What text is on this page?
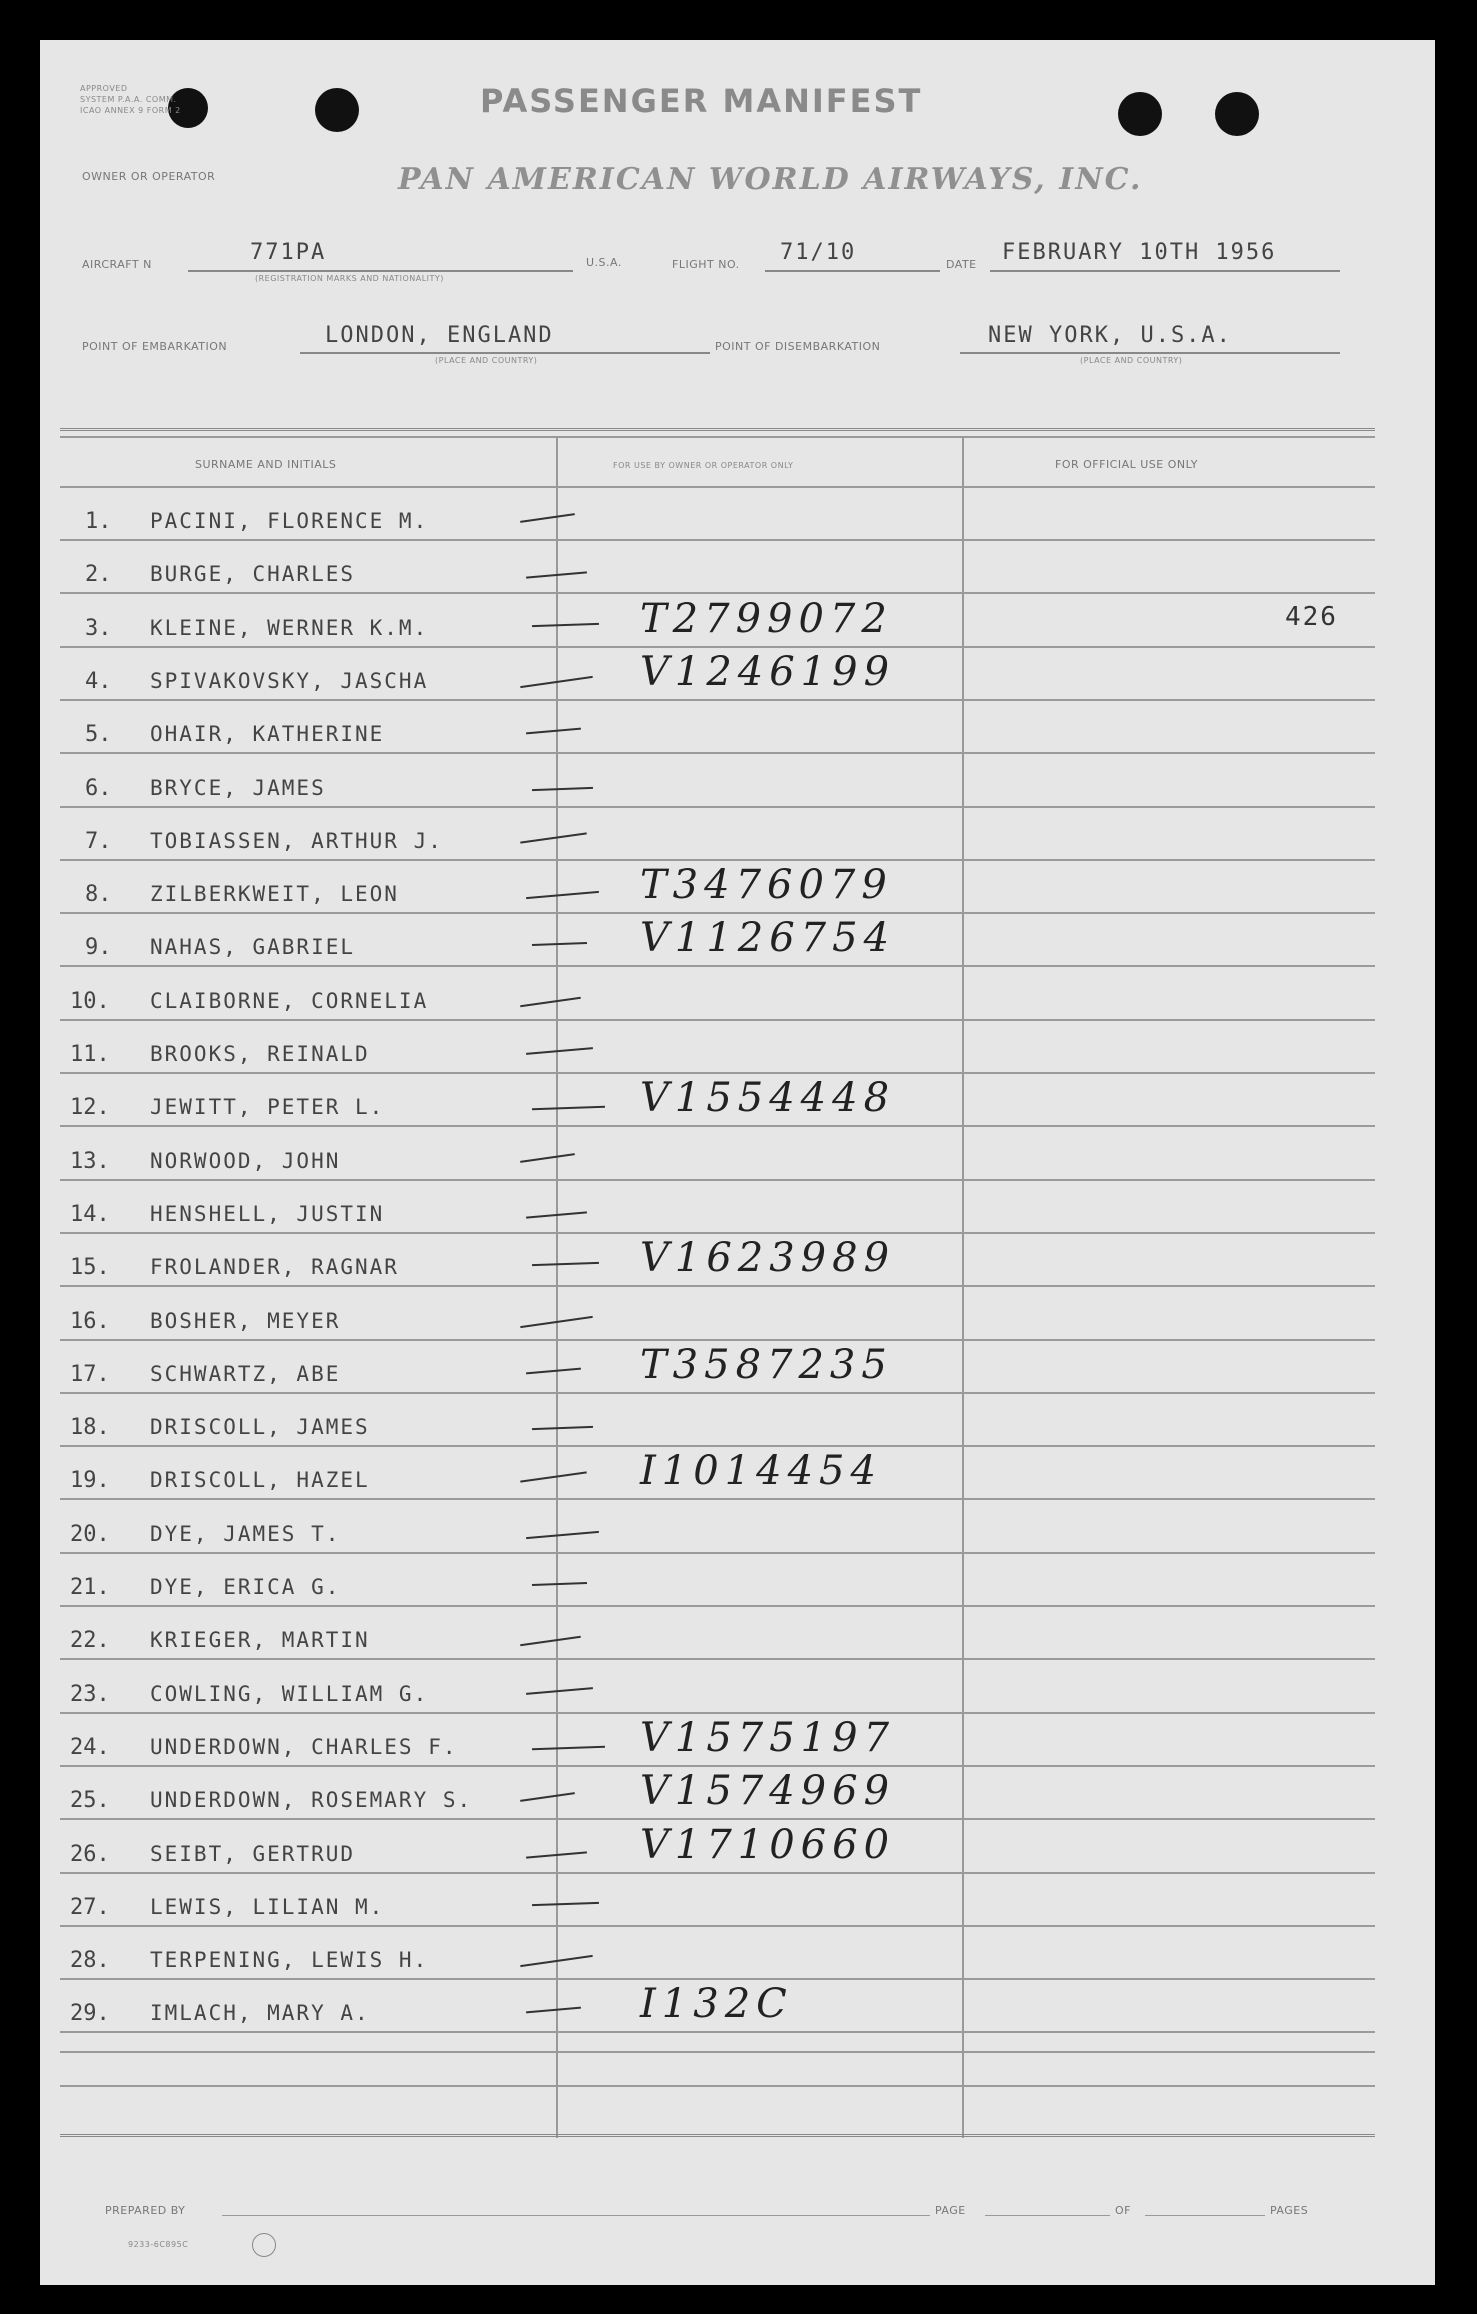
APPROVED
SYSTEM P.A.A. COMM.
ICAO ANNEX 9 FORM 2	PASSENGER MANIFEST
OWNER OR OPERATOR	PAN AMERICAN WORLD AIRWAYS, INC.
AIRCRAFT N	771PA
(REGISTRATION MARKS AND NATIONALITY)
U.S.A.	FLIGHT NO. 71/10	DATE FEBRUARY 10TH 1956
POINT OF EMBARKATION	LONDON, ENGLAND
(PLACE AND COUNTRY)
POINT OF DISEMBARKATION	NEW YORK, U.S.A.
(PLACE AND COUNTRY)
SURNAME AND INITIALS	FOR USE BY OWNER OR OPERATOR ONLY	FOR OFFICIAL USE ONLY
1. PACINI, FLORENCE M.
2. BURGE, CHARLES
3. KLEINE, WERNER K.M.	T2799072	426
4. SPIVAKOVSKY, JASCHA	V1246199
5. OHAIR, KATHERINE
6. BRYCE, JAMES
7. TOBIASSEN, ARTHUR J.
8. ZILBERKWEIT, LEON	T3476079
9. NAHAS, GABRIEL	V1126754
10. CLAIBORNE, CORNELIA
11. BROOKS, REINALD
12. JEWITT, PETER L.	V1554448
13. NORWOOD, JOHN
14. HENSHELL, JUSTIN
15. FROLANDER, RAGNAR	V1623989
16. BOSHER, MEYER
17. SCHWARTZ, ABE	T3587235
18. DRISCOLL, JAMES
19. DRISCOLL, HAZEL	I1014454
20. DYE, JAMES T.
21. DYE, ERICA G.
22. KRIEGER, MARTIN
23. COWLING, WILLIAM G.
24. UNDERDOWN, CHARLES F.	V1575197
25. UNDERDOWN, ROSEMARY S.	V1574969
26. SEIBT, GERTRUD	V1710660
27. LEWIS, LILIAN M.
28. TERPENING, LEWIS H.
29. IMLACH, MARY A.	I132C
PREPARED BY	PAGE	OF	PAGES
9233-6C895C
